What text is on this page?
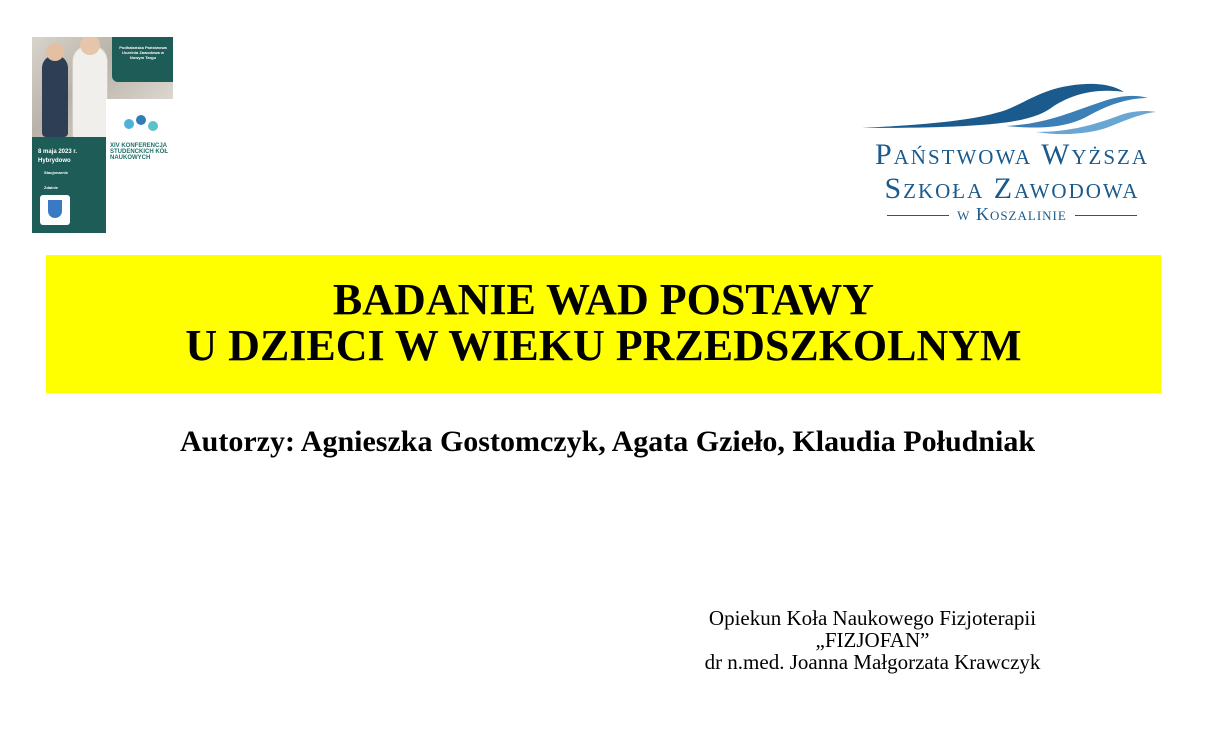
Podhalańska Państwowa Uczelnia Zawodowa w Nowym Targu
XIV KONFERENCJA STUDENCKICH KÓŁ NAUKOWYCH
8 maja 2023 r.
Hybrydowo
Stacjonarnie
Zdalnie
Państwowa Wyższa
Szkoła Zawodowa
w Koszalinie
BADANIE WAD POSTAWY
U DZIECI W WIEKU PRZEDSZKOLNYM
Autorzy: Agnieszka Gostomczyk, Agata Gzieło, Klaudia Południak
Opiekun Koła Naukowego Fizjoterapii
„FIZJOFAN”
dr n.med. Joanna Małgorzata Krawczyk
